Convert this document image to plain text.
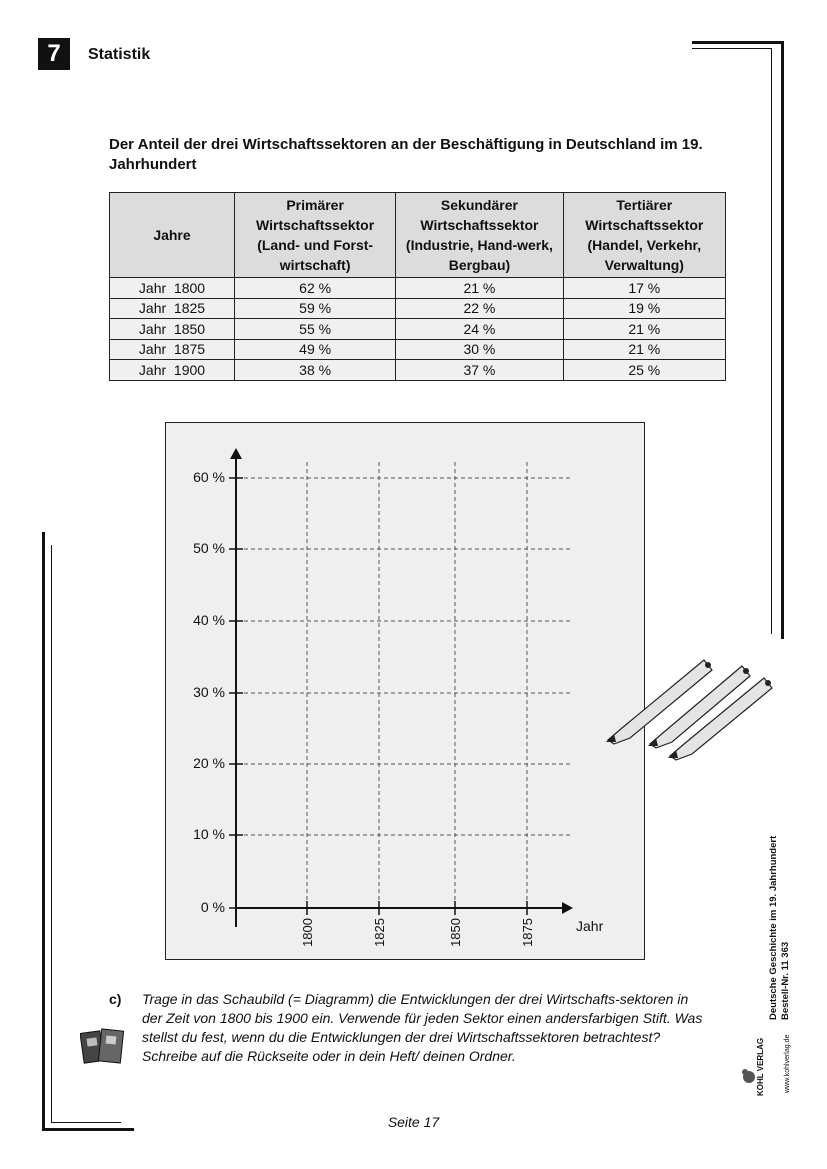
7	Statistik
Der Anteil der drei Wirtschaftssektoren an der Beschäftigung in Deutschland im 19. Jahrhundert
Jahre	Primärer Wirtschaftssektor (Land- und Forst-wirtschaft)	Sekundärer Wirtschaftssektor (Industrie, Hand-werk, Bergbau)	Tertiärer Wirtschaftssektor (Handel, Verkehr, Verwaltung)
Jahr  1800	62 %	21 %	17 %
Jahr  1825	59 %	22 %	19 %
Jahr  1850	55 %	24 %	21 %
Jahr  1875	49 %	30 %	21 %
Jahr  1900	38 %	37 %	25 %
60 %
50 %
40 %
30 %
20 %
10 %
0 %
1800	1825	1850	1875	Jahr
c) Trage in das Schaubild (= Diagramm) die Entwicklungen der drei Wirtschafts-sektoren in der Zeit von 1800 bis 1900 ein. Verwende für jeden Sektor einen andersfarbigen Stift. Was stellst du fest, wenn du die Entwicklungen der drei Wirtschaftssektoren betrachtest? Schreibe auf die Rückseite oder in dein Heft/ deinen Ordner.
Seite 17
Deutsche Geschichte im 19. Jahrhundert Bestell-Nr. 11 363
KOHL VERLAG	www.kohlverlag.de
